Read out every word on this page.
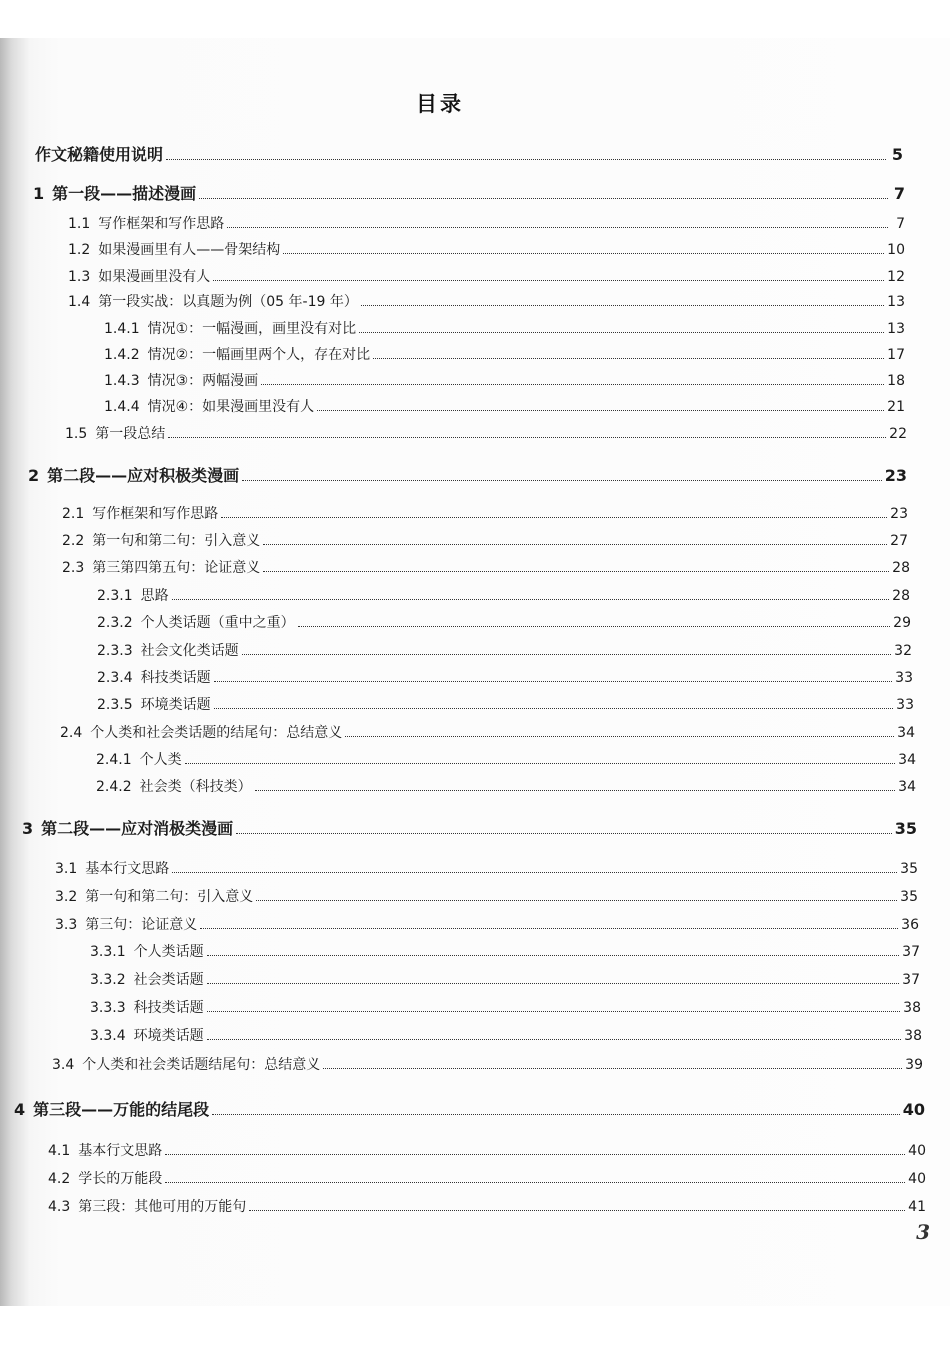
目录
作文秘籍使用说明	5
1 第一段——描述漫画	7
1.1 写作框架和写作思路	7
1.2 如果漫画里有人——骨架结构	10
1.3 如果漫画里没有人	12
1.4 第一段实战：以真题为例（05 年-19 年）	13
1.4.1 情况①：一幅漫画，画里没有对比	13
1.4.2 情况②：一幅画里两个人，存在对比	17
1.4.3 情况③：两幅漫画	18
1.4.4 情况④：如果漫画里没有人	21
1.5 第一段总结	22
2 第二段——应对积极类漫画	23
2.1 写作框架和写作思路	23
2.2 第一句和第二句：引入意义	27
2.3 第三第四第五句：论证意义	28
2.3.1 思路	28
2.3.2 个人类话题（重中之重）	29
2.3.3 社会文化类话题	32
2.3.4 科技类话题	33
2.3.5 环境类话题	33
2.4 个人类和社会类话题的结尾句：总结意义	34
2.4.1 个人类	34
2.4.2 社会类（科技类）	34
3 第二段——应对消极类漫画	35
3.1 基本行文思路	35
3.2 第一句和第二句：引入意义	35
3.3 第三句：论证意义	36
3.3.1 个人类话题	37
3.3.2 社会类话题	37
3.3.3 科技类话题	38
3.3.4 环境类话题	38
3.4 个人类和社会类话题结尾句：总结意义	39
4 第三段——万能的结尾段	40
4.1 基本行文思路	40
4.2 学长的万能段	40
4.3 第三段：其他可用的万能句	41
3
